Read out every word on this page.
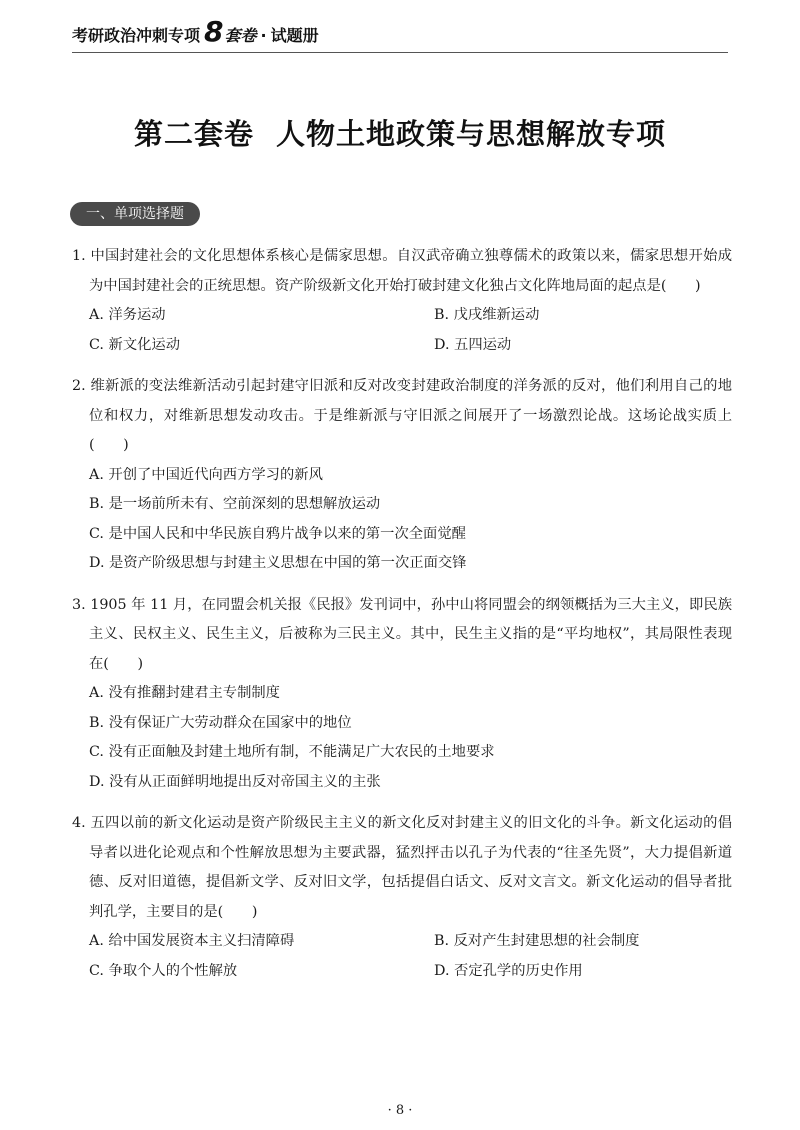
考研政治冲刺专项 8 套卷 · 试题册
第二套卷 人物土地政策与思想解放专项
一、单项选择题
1. 中国封建社会的文化思想体系核心是儒家思想。自汉武帝确立独尊儒术的政策以来，儒家思想开始成为中国封建社会的正统思想。资产阶级新文化开始打破封建文化独占文化阵地局面的起点是(　　)
A. 洋务运动	B. 戊戌维新运动
C. 新文化运动	D. 五四运动
2. 维新派的变法维新活动引起封建守旧派和反对改变封建政治制度的洋务派的反对，他们利用自己的地位和权力，对维新思想发动攻击。于是维新派与守旧派之间展开了一场激烈论战。这场论战实质上(　　)
A. 开创了中国近代向西方学习的新风
B. 是一场前所未有、空前深刻的思想解放运动
C. 是中国人民和中华民族自鸦片战争以来的第一次全面觉醒
D. 是资产阶级思想与封建主义思想在中国的第一次正面交锋
3. 1905 年 11 月，在同盟会机关报《民报》发刊词中，孙中山将同盟会的纲领概括为三大主义，即民族主义、民权主义、民生主义，后被称为三民主义。其中，民生主义指的是“平均地权”，其局限性表现在(　　)
A. 没有推翻封建君主专制制度
B. 没有保证广大劳动群众在国家中的地位
C. 没有正面触及封建土地所有制，不能满足广大农民的土地要求
D. 没有从正面鲜明地提出反对帝国主义的主张
4. 五四以前的新文化运动是资产阶级民主主义的新文化反对封建主义的旧文化的斗争。新文化运动的倡导者以进化论观点和个性解放思想为主要武器，猛烈抨击以孔子为代表的“往圣先贤”，大力提倡新道德、反对旧道德，提倡新文学、反对旧文学，包括提倡白话文、反对文言文。新文化运动的倡导者批判孔学，主要目的是(　　)
A. 给中国发展资本主义扫清障碍	B. 反对产生封建思想的社会制度
C. 争取个人的个性解放	D. 否定孔学的历史作用
· 8 ·
